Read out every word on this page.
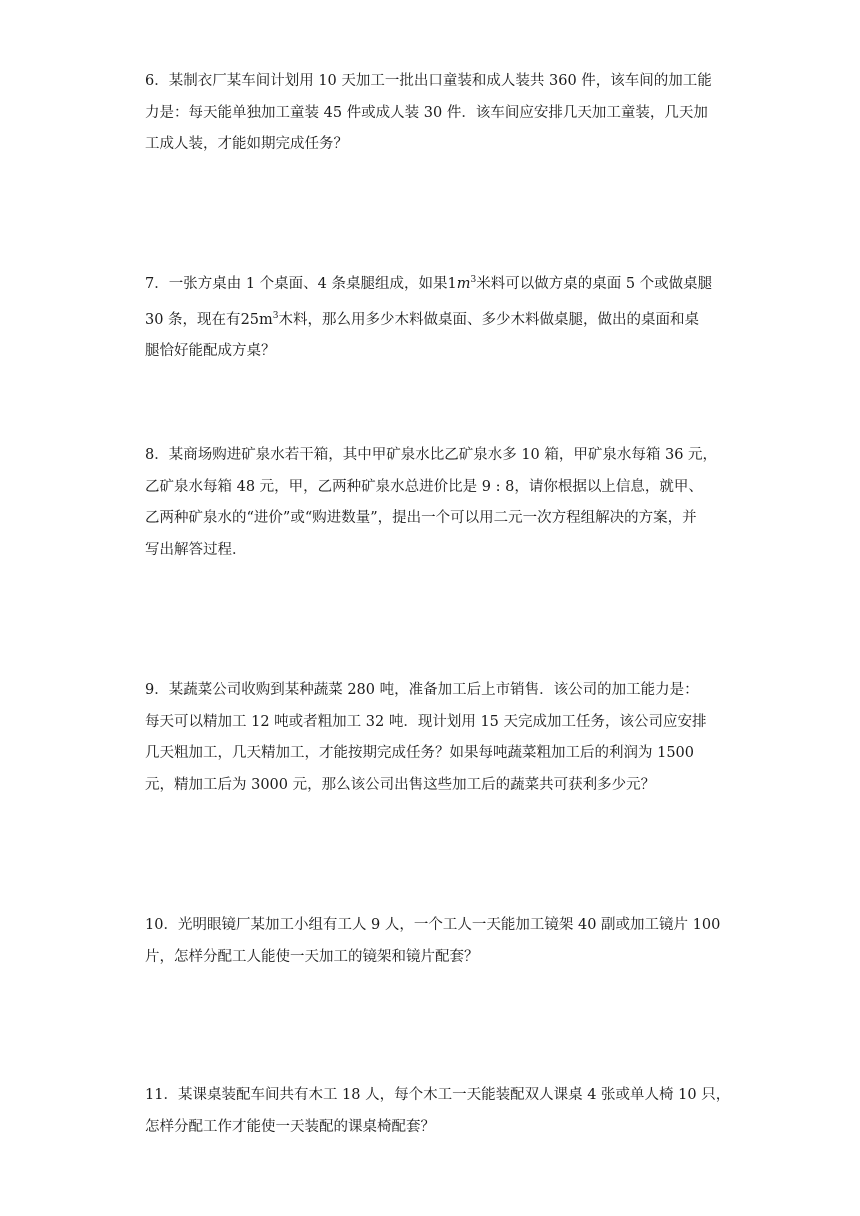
6．某制衣厂某车间计划用 10 天加工一批出口童装和成人装共 360 件，该车间的加工能
力是：每天能单独加工童装 45 件或成人装 30 件．该车间应安排几天加工童装，几天加
工成人装，才能如期完成任务？
7．一张方桌由 1 个桌面、4 条桌腿组成，如果$1m^3$米料可以做方桌的桌面 5 个或做桌腿
30 条，现在有$25m^3$木料，那么用多少木料做桌面、多少木料做桌腿，做出的桌面和桌
腿恰好能配成方桌？
8．某商场购进矿泉水若干箱，其中甲矿泉水比乙矿泉水多 10 箱，甲矿泉水每箱 36 元，
乙矿泉水每箱 48 元，甲，乙两种矿泉水总进价比是 9 : 8，请你根据以上信息，就甲、
乙两种矿泉水的“进价”或“购进数量”，提出一个可以用二元一次方程组解决的方案，并
写出解答过程．
9．某蔬菜公司收购到某种蔬菜 280 吨，准备加工后上市销售．该公司的加工能力是：
每天可以精加工 12 吨或者粗加工 32 吨．现计划用 15 天完成加工任务，该公司应安排
几天粗加工，几天精加工，才能按期完成任务？如果每吨蔬菜粗加工后的利润为 1500
元，精加工后为 3000 元，那么该公司出售这些加工后的蔬菜共可获利多少元？
10．光明眼镜厂某加工小组有工人 9 人，一个工人一天能加工镜架 40 副或加工镜片 100
片，怎样分配工人能使一天加工的镜架和镜片配套？
11．某课桌装配车间共有木工 18 人，每个木工一天能装配双人课桌 4 张或单人椅 10 只，
怎样分配工作才能使一天装配的课桌椅配套？
